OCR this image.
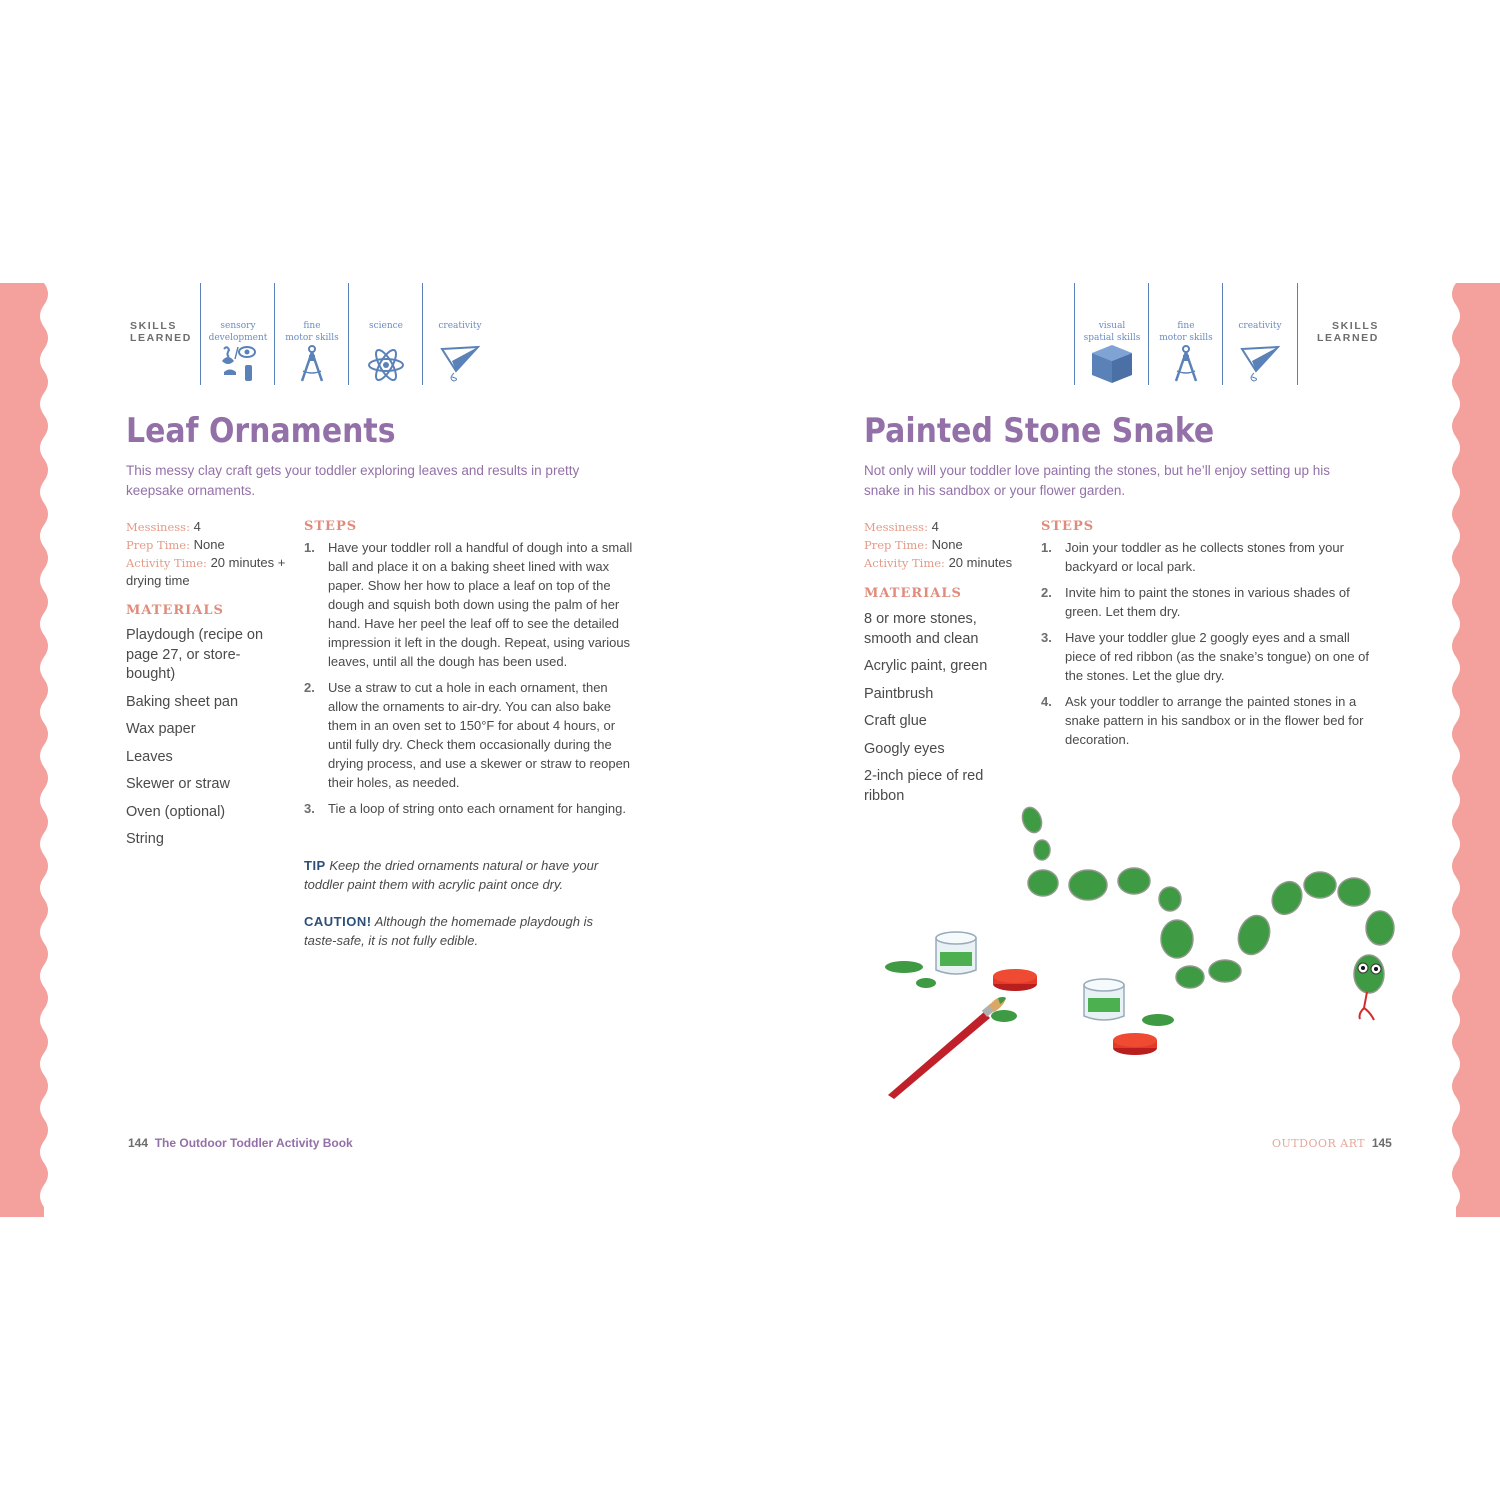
SKILLS
LEARNED
sensory
development
fine
motor skills
science	creativity
Leaf Ornaments
This messy clay craft gets your toddler exploring leaves and results in pretty keepsake ornaments.
Messiness: 4
Prep Time: None
Activity Time: 20 minutes + drying time
MATERIALS
Playdough (recipe on page 27, or store-bought)
Baking sheet pan
Wax paper
Leaves
Skewer or straw
Oven (optional)
String
STEPS
1. Have your toddler roll a handful of dough into a small ball and place it on a baking sheet lined with wax paper. Show her how to place a leaf on top of the dough and squish both down using the palm of her hand. Have her peel the leaf off to see the detailed impression it left in the dough. Repeat, using various leaves, until all the dough has been used.
2. Use a straw to cut a hole in each ornament, then allow the ornaments to air-dry. You can also bake them in an oven set to 150°F for about 4 hours, or until fully dry. Check them occasionally during the drying process, and use a skewer or straw to reopen their holes, as needed.
3. Tie a loop of string onto each ornament for hanging.
TIP Keep the dried ornaments natural or have your toddler paint them with acrylic paint once dry.
CAUTION! Although the homemade playdough is taste-safe, it is not fully edible.
144 The Outdoor Toddler Activity Book
visual
spatial skills
fine
motor skills
creativity	SKILLS
LEARNED
Painted Stone Snake
Not only will your toddler love painting the stones, but he’ll enjoy setting up his snake in his sandbox or your flower garden.
Messiness: 4
Prep Time: None
Activity Time: 20 minutes
MATERIALS
8 or more stones, smooth and clean
Acrylic paint, green
Paintbrush
Craft glue
Googly eyes
2-inch piece of red ribbon
STEPS
1. Join your toddler as he collects stones from your backyard or local park.
2. Invite him to paint the stones in various shades of green. Let them dry.
3. Have your toddler glue 2 googly eyes and a small piece of red ribbon (as the snake’s tongue) on one of the stones. Let the glue dry.
4. Ask your toddler to arrange the painted stones in a snake pattern in his sandbox or in the flower bed for decoration.
OUTDOOR ART 145
